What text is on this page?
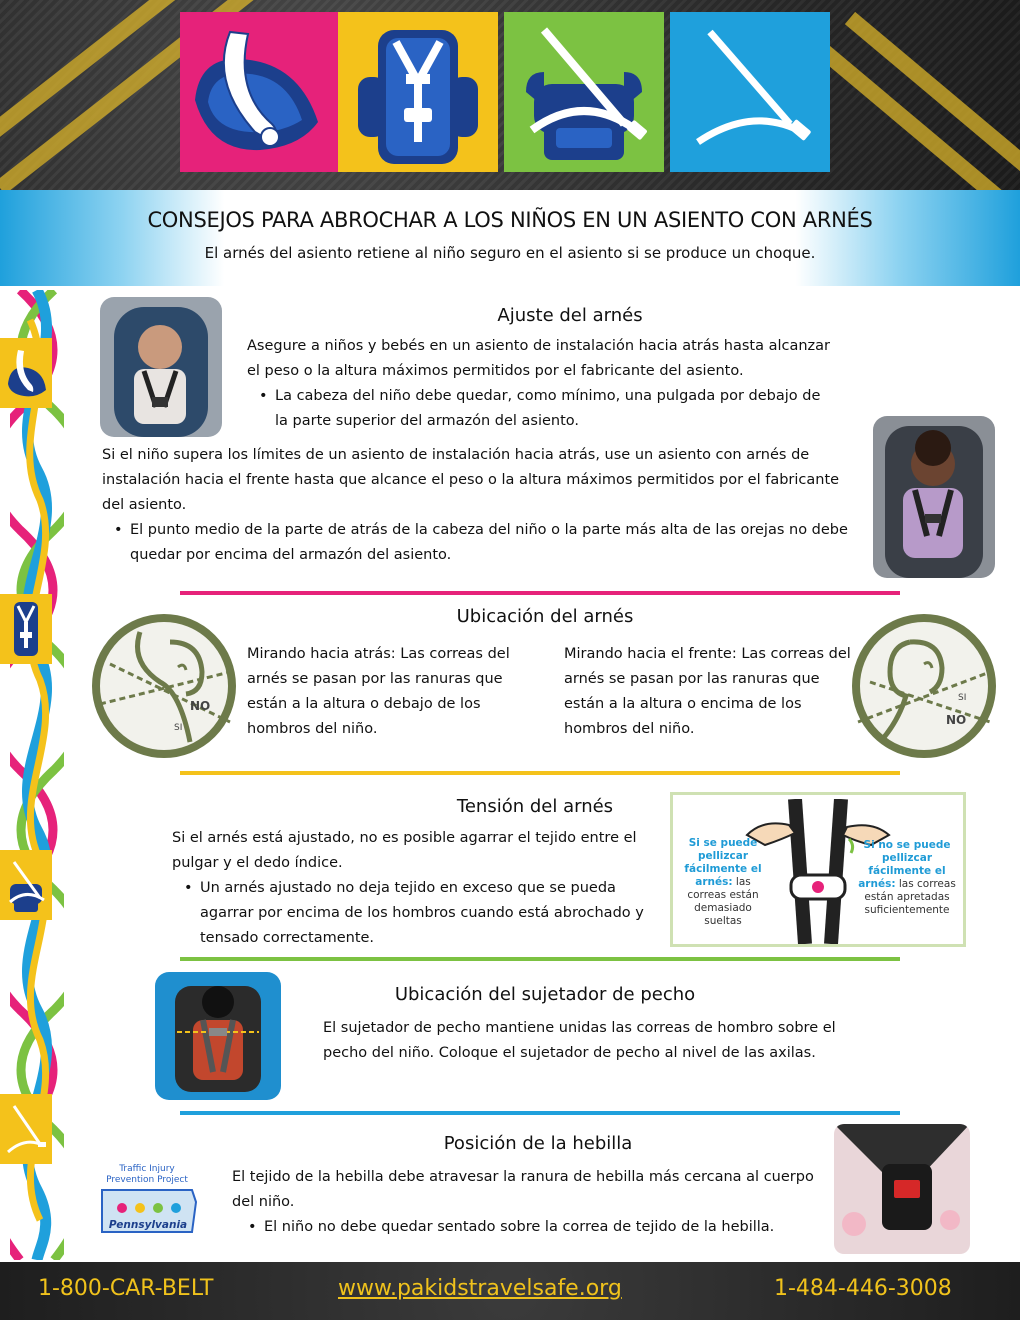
CONSEJOS PARA ABROCHAR A LOS NIÑOS EN UN ASIENTO CON ARNÉS

El arnés del asiento retiene al niño seguro en el asiento si se produce un choque.

Ajuste del arnés
Asegure a niños y bebés en un asiento de instalación hacia atrás hasta alcanzar el peso o la altura máximos permitidos por el fabricante del asiento.
• La cabeza del niño debe quedar, como mínimo, una pulgada por debajo de la parte superior del armazón del asiento.
Si el niño supera los límites de un asiento de instalación hacia atrás, use un asiento con arnés de instalación hacia el frente hasta que alcance el peso o la altura máximos permitidos por el fabricante del asiento.
• El punto medio de la parte de atrás de la cabeza del niño o la parte más alta de las orejas no debe quedar por encima del armazón del asiento.
Ubicación del arnés
NO
SI
Mirando hacia atrás: Las correas del arnés se pasan por las ranuras que están a la altura o debajo de los hombros del niño.
Mirando hacia el frente: Las correas del arnés se pasan por las ranuras que están a la altura o encima de los hombros del niño.
SI
NO
Tensión del arnés
Si el arnés está ajustado, no es posible agarrar el tejido entre el pulgar y el dedo índice.
• Un arnés ajustado no deja tejido en exceso que se pueda agarrar por encima de los hombros cuando está abrochado y tensado correctamente.
Si se puede pellizcar fácilmente el arnés: las correas están demasiado sueltas
Si no se puede pellizcar fácilmente el arnés: las correas están apretadas suficientemente
Ubicación del sujetador de pecho
El sujetador de pecho mantiene unidas las correas de hombro sobre el pecho del niño. Coloque el sujetador de pecho al nivel de las axilas.
Posición de la hebilla
El tejido de la hebilla debe atravesar la ranura de hebilla más cercana al cuerpo del niño.
• El niño no debe quedar sentado sobre la correa de tejido de la hebilla.
Traffic Injury
Prevention Project
Pennsylvania
1-800-CAR-BELT	www.pakidstravelsafe.org	1-484-446-3008
